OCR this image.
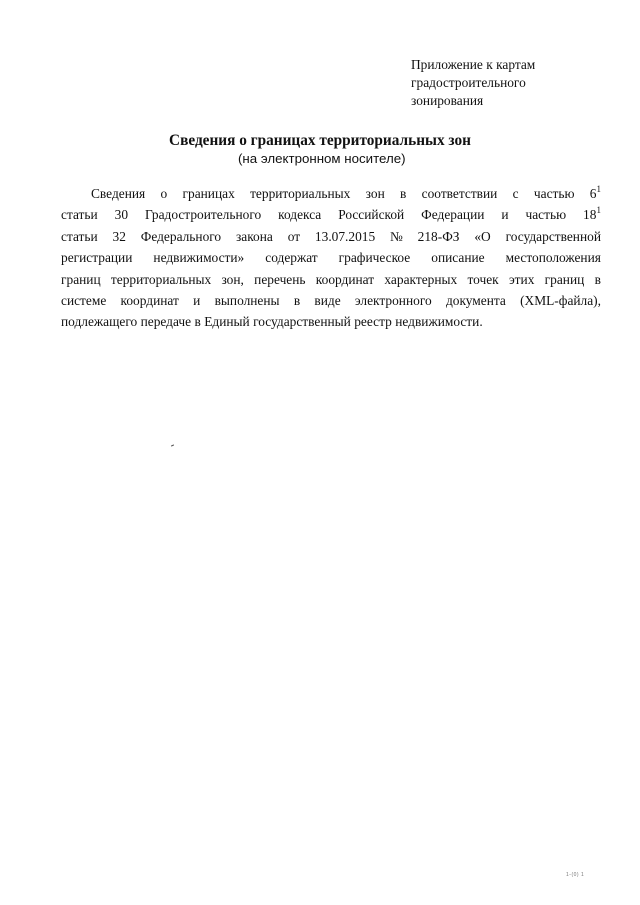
Приложение к картам
градостроительного
зонирования
Сведения о границах территориальных зон
(на электронном носителе)
Сведения о границах территориальных зон в соответствии с частью $6^1$
статьи 30 Градостроительного кодекса Российской Федерации и частью $18^1$
статьи 32 Федерального закона от 13.07.2015 № 218-ФЗ «О государственной
регистрации недвижимости» содержат графическое описание местоположения
границ территориальных зон, перечень координат характерных точек этих границ в
системе координат и выполнены в виде электронного документа (XML-файла),
подлежащего передаче в Единый государственный реестр недвижимости.
1-(0) 1
